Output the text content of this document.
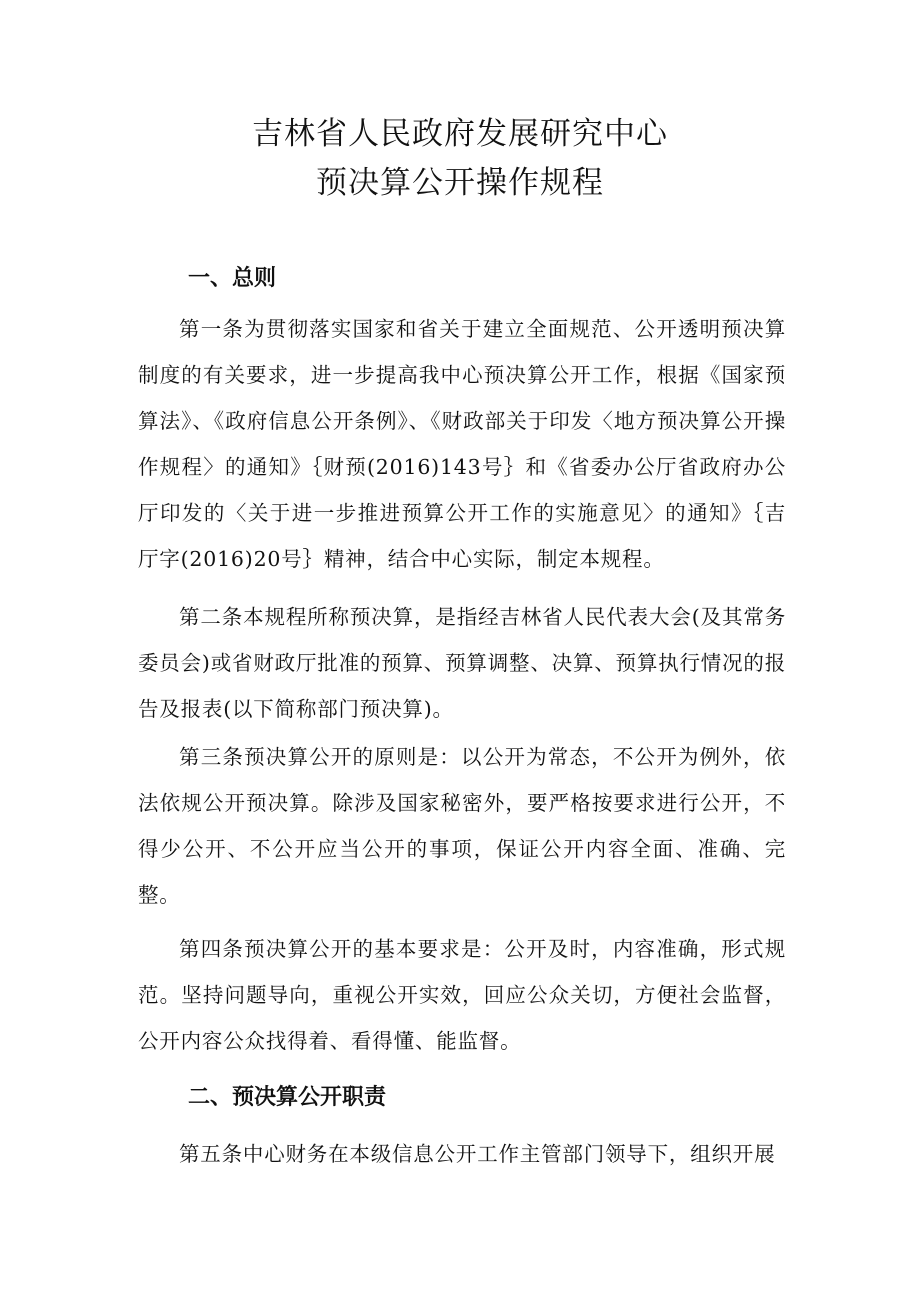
吉林省人民政府发展研究中心
预决算公开操作规程
一、总则

第一条为贯彻落实国家和省关于建立全面规范、公开透明预决算制度的有关要求，进一步提高我中心预决算公开工作，根据《国家预算法》、《政府信息公开条例》、《财政部关于印发〈地方预决算公开操作规程〉的通知》｛财预(2016)143号｝和《省委办公厅省政府办公厅印发的〈关于进一步推进预算公开工作的实施意见〉的通知》｛吉厅字(2016)20号｝精神，结合中心实际，制定本规程。

第二条本规程所称预决算，是指经吉林省人民代表大会(及其常务委员会)或省财政厅批准的预算、预算调整、决算、预算执行情况的报告及报表(以下简称部门预决算)。

第三条预决算公开的原则是：以公开为常态，不公开为例外，依法依规公开预决算。除涉及国家秘密外，要严格按要求进行公开，不得少公开、不公开应当公开的事项，保证公开内容全面、准确、完整。

第四条预决算公开的基本要求是：公开及时，内容准确，形式规范。坚持问题导向，重视公开实效，回应公众关切，方便社会监督，公开内容公众找得着、看得懂、能监督。

二、预决算公开职责

第五条中心财务在本级信息公开工作主管部门领导下，组织开展
